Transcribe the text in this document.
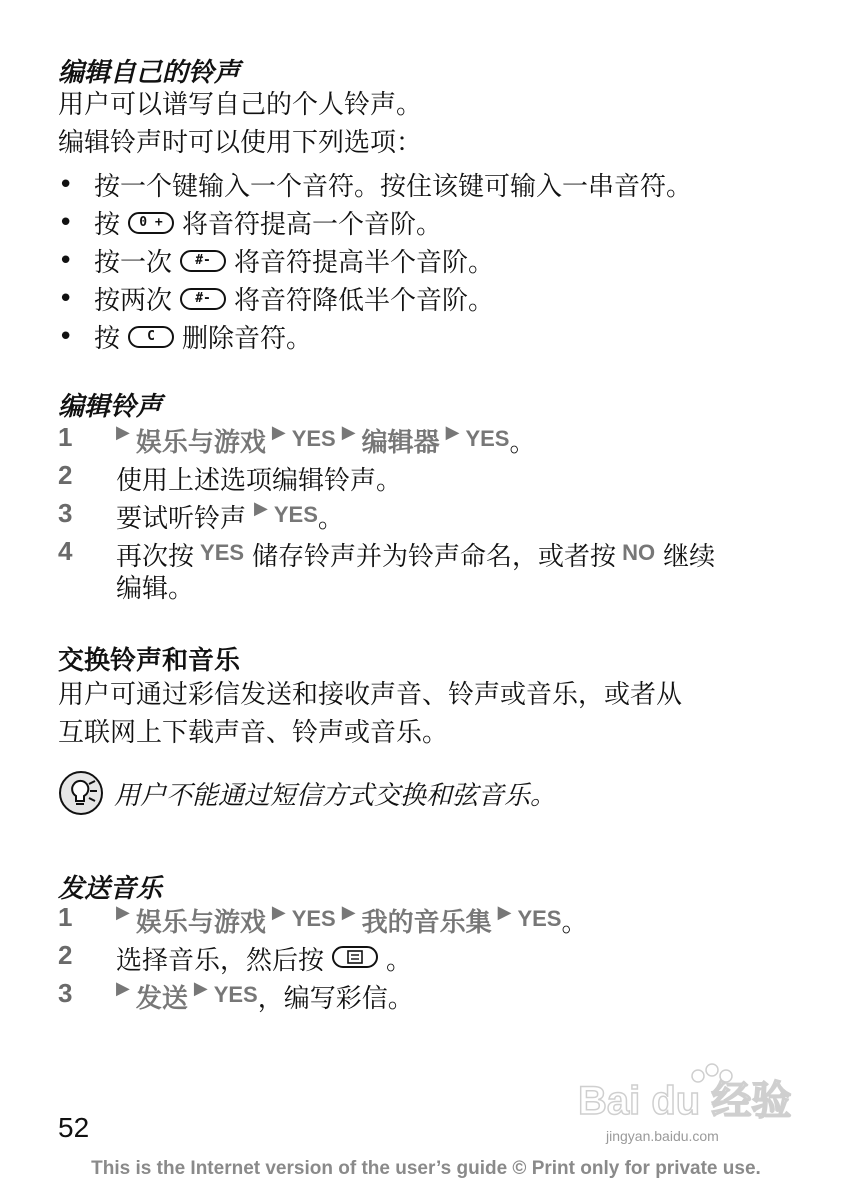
编辑自己的铃声
用户可以谱写自己的个人铃声。
编辑铃声时可以使用下列选项：
• 按一个键输入一个音符。按住该键可输入一串音符。
• 按	0 + 将音符提高一个音阶。
• 按一次	#- 将音符提高半个音阶。
• 按两次	#- 将音符降低半个音阶。
• 按	C	删除音符。
编辑铃声
1	▶ 娱乐与游戏 ▶ YES ▶ 编辑器 ▶ YES 。
2	使用上述选项编辑铃声。
3	要试听铃声 ▶ YES 。
4	再次按 YES 储存铃声并为铃声命名，或者按 NO 继续
编辑。
交换铃声和音乐
用户可通过彩信发送和接收声音、铃声或音乐，或者从
互联网上下载声音、铃声或音乐。
用户不能通过短信方式交换和弦音乐。
发送音乐
1	▶ 娱乐与游戏 ▶ YES ▶ 我的音乐集 ▶ YES 。
2	选择音乐，然后按 。
3	▶ 发送 ▶ YES ，编写彩信。
Bai du 经验
jingyan.baidu.com
52
This is the Internet version of the user’s guide © Print only for private use.
